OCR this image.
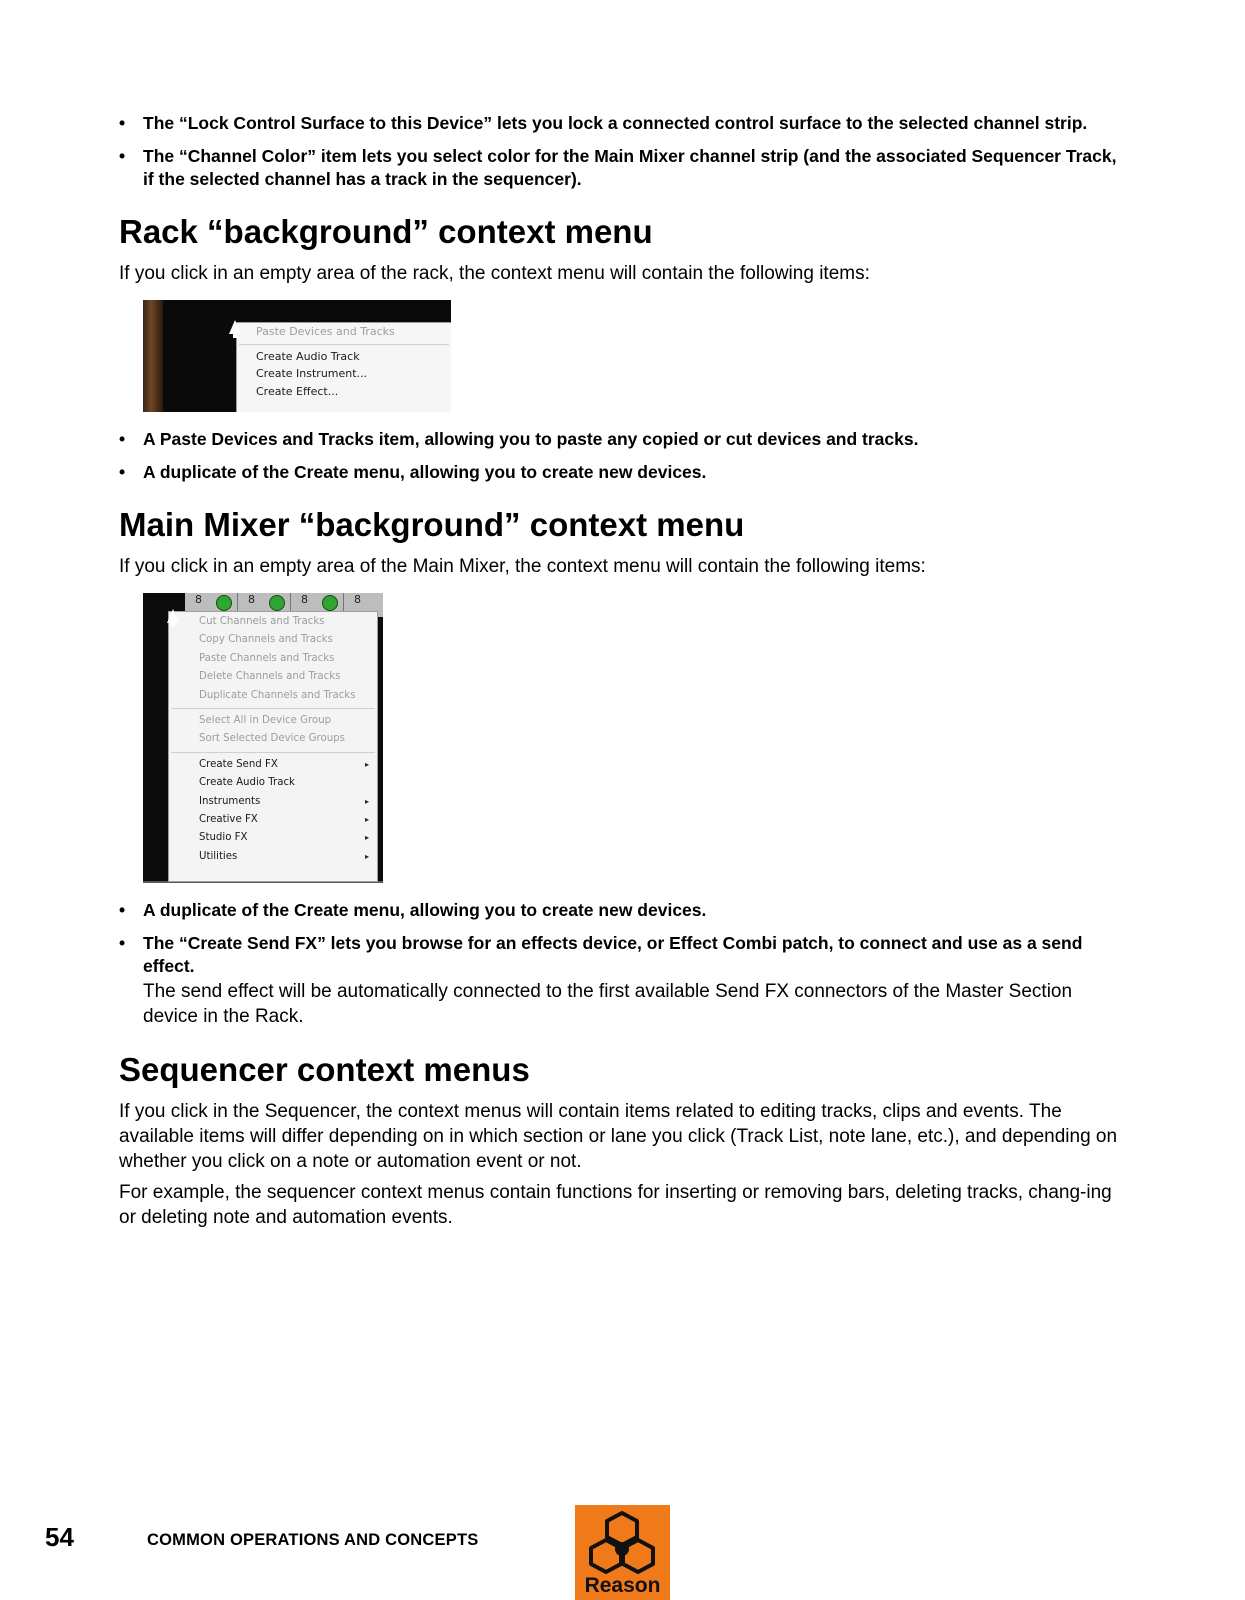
• The “Lock Control Surface to this Device” lets you lock a connected control surface to the selected channel strip.
• The “Channel Color” item lets you select color for the Main Mixer channel strip (and the associated Sequencer Track, if the selected channel has a track in the sequencer).
Rack “background” context menu

If you click in an empty area of the rack, the context menu will contain the following items:

Paste Devices and Tracks
Create Audio Track
Create Instrument...
Create Effect...
• A Paste Devices and Tracks item, allowing you to paste any copied or cut devices and tracks.
• A duplicate of the Create menu, allowing you to create new devices.
Main Mixer “background” context menu

If you click in an empty area of the Main Mixer, the context menu will contain the following items:

8	8	8	8
Cut Channels and Tracks
Copy Channels and Tracks
Paste Channels and Tracks
Delete Channels and Tracks
Duplicate Channels and Tracks
Select All in Device Group
Sort Selected Device Groups
Create Send FX	▸
Create Audio Track
Instruments	▸
Creative FX	▸
Studio FX	▸
Utilities	▸
• A duplicate of the Create menu, allowing you to create new devices.
• The “Create Send FX” lets you browse for an effects device, or Effect Combi patch, to connect and use as a send effect.
The send effect will be automatically connected to the first available Send FX connectors of the Master Section device in the Rack.
Sequencer context menus

If you click in the Sequencer, the context menus will contain items related to editing tracks, clips and events. The available items will differ depending on in which section or lane you click (Track List, note lane, etc.), and depending on whether you click on a note or automation event or not.

For example, the sequencer context menus contain functions for inserting or removing bars, deleting tracks, chang-ing or deleting note and automation events.

54	COMMON OPERATIONS AND CONCEPTS
Reason
